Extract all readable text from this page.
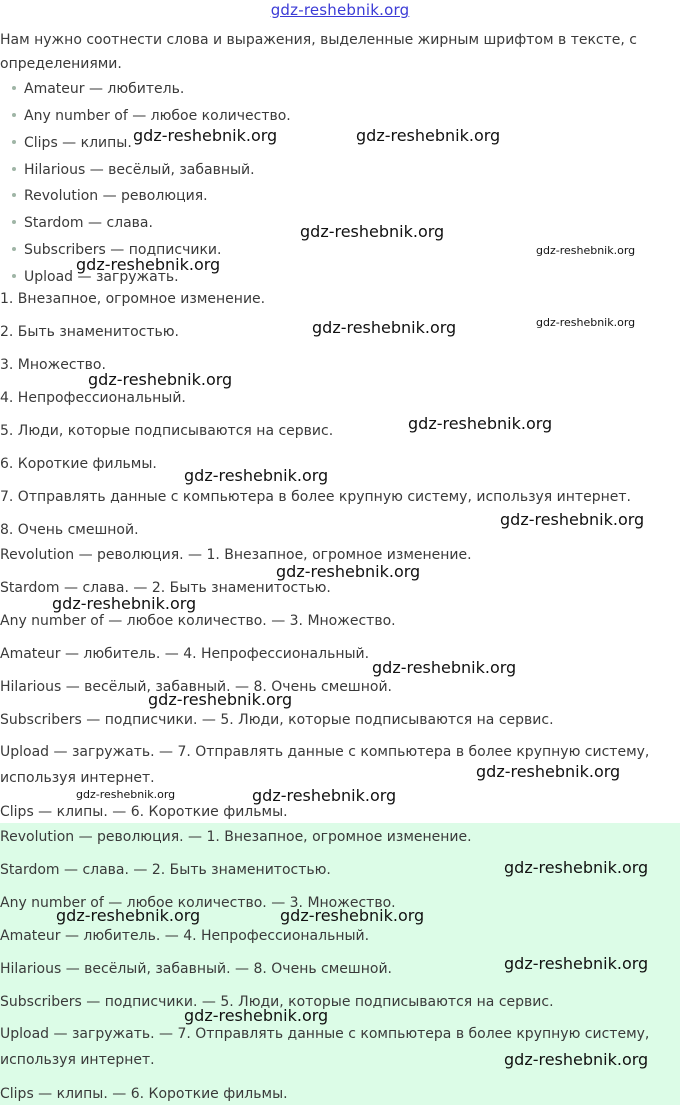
gdz-reshebnik.org

Нам нужно соотнести слова и выражения, выделенные жирным шрифтом в тексте, с определениями.

Amateur — любитель.
Any number of — любое количество.
Clips — клипы.
Hilarious — весёлый, забавный.
Revolution — революция.
Stardom — слава.
Subscribers — подписчики.
Upload — загружать.
1. Внезапное, огромное изменение.
2. Быть знаменитостью.
3. Множество.
4. Непрофессиональный.
5. Люди, которые подписываются на сервис.
6. Короткие фильмы.
7. Отправлять данные с компьютера в более крупную систему, используя интернет.
8. Очень смешной.
Revolution — революция. — 1. Внезапное, огромное изменение.
Stardom — слава. — 2. Быть знаменитостью.
Any number of — любое количество. — 3. Множество.
Amateur — любитель. — 4. Непрофессиональный.
Hilarious — весёлый, забавный. — 8. Очень смешной.
Subscribers — подписчики. — 5. Люди, которые подписываются на сервис.
Upload — загружать. — 7. Отправлять данные с компьютера в более крупную систему, используя интернет.
Clips — клипы. — 6. Короткие фильмы.
Revolution — революция. — 1. Внезапное, огромное изменение.
Stardom — слава. — 2. Быть знаменитостью.
Any number of — любое количество. — 3. Множество.
Amateur — любитель. — 4. Непрофессиональный.
Hilarious — весёлый, забавный. — 8. Очень смешной.
Subscribers — подписчики. — 5. Люди, которые подписываются на сервис.
Upload — загружать. — 7. Отправлять данные с компьютера в более крупную систему, используя интернет.
Clips — клипы. — 6. Короткие фильмы.
gdz-reshebnik.org	gdz-reshebnik.org
gdz-reshebnik.org
gdz-reshebnik.org
gdz-reshebnik.org
gdz-reshebnik.org	gdz-reshebnik.org
gdz-reshebnik.org
gdz-reshebnik.org
gdz-reshebnik.org
gdz-reshebnik.org
gdz-reshebnik.org
gdz-reshebnik.org
gdz-reshebnik.org
gdz-reshebnik.org
gdz-reshebnik.org
gdz-reshebnik.org	gdz-reshebnik.org
gdz-reshebnik.org
gdz-reshebnik.org	gdz-reshebnik.org
gdz-reshebnik.org
gdz-reshebnik.org
gdz-reshebnik.org
